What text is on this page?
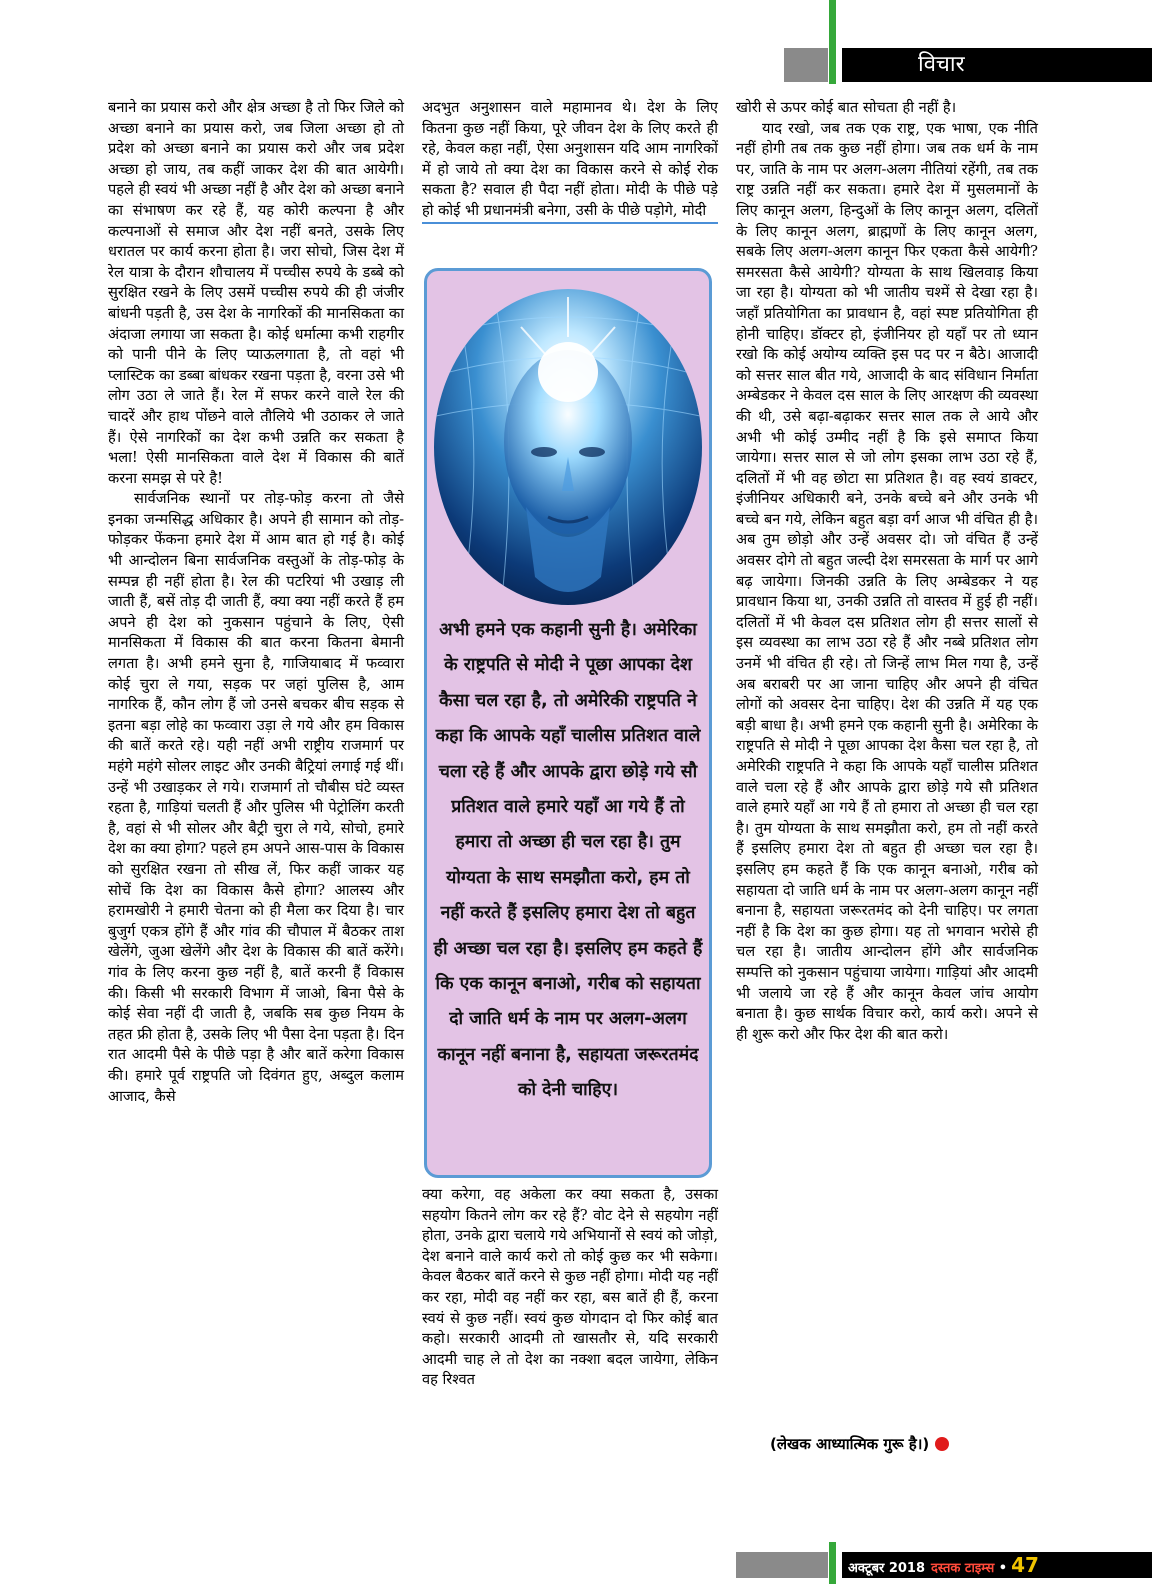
विचार

बनाने का प्रयास करो और क्षेत्र अच्छा है तो फिर जिले को अच्छा बनाने का प्रयास करो, जब जिला अच्छा हो तो प्रदेश को अच्छा बनाने का प्रयास करो और जब प्रदेश अच्छा हो जाय, तब कहीं जाकर देश की बात आयेगी। पहले ही स्वयं भी अच्छा नहीं है और देश को अच्छा बनाने का संभाषण कर रहे हैं, यह कोरी कल्पना है और कल्पनाओं से समाज और देश नहीं बनते, उसके लिए धरातल पर कार्य करना होता है। जरा सोचो, जिस देश में रेल यात्रा के दौरान शौचालय में पच्चीस रुपये के डब्बे को सुरक्षित रखने के लिए उसमें पच्चीस रुपये की ही जंजीर बांधनी पड़ती है, उस देश के नागरिकों की मानसिकता का अंदाजा लगाया जा सकता है। कोई धर्मात्मा कभी राहगीर को पानी पीने के लिए प्याऊलगाता है, तो वहां भी प्लास्टिक का डब्बा बांधकर रखना पड़ता है, वरना उसे भी लोग उठा ले जाते हैं। रेल में सफर करने वाले रेल की चादरें और हाथ पोंछने वाले तौलिये भी उठाकर ले जाते हैं। ऐसे नागरिकों का देश कभी उन्नति कर सकता है भला! ऐसी मानसिकता वाले देश में विकास की बातें करना समझ से परे है!

सार्वजनिक स्थानों पर तोड़-फोड़ करना तो जैसे इनका जन्मसिद्ध अधिकार है। अपने ही सामान को तोड़-फोड़कर फेंकना हमारे देश में आम बात हो गई है। कोई भी आन्दोलन बिना सार्वजनिक वस्तुओं के तोड़-फोड़ के सम्पन्न ही नहीं होता है। रेल की पटरियां भी उखाड़ ली जाती हैं, बसें तोड़ दी जाती हैं, क्या क्या नहीं करते हैं हम अपने ही देश को नुकसान पहुंचाने के लिए, ऐसी मानसिकता में विकास की बात करना कितना बेमानी लगता है। अभी हमने सुना है, गाजियाबाद में फव्वारा कोई चुरा ले गया, सड़क पर जहां पुलिस है, आम नागरिक हैं, कौन लोग हैं जो उनसे बचकर बीच सड़क से इतना बड़ा लोहे का फव्वारा उड़ा ले गये और हम विकास की बातें करते रहे। यही नहीं अभी राष्ट्रीय राजमार्ग पर महंगे महंगे सोलर लाइट और उनकी बैट्रियां लगाई गई थीं। उन्हें भी उखाड़कर ले गये। राजमार्ग तो चौबीस घंटे व्यस्त रहता है, गाड़ियां चलती हैं और पुलिस भी पेट्रोलिंग करती है, वहां से भी सोलर और बैट्री चुरा ले गये, सोचो, हमारे देश का क्या होगा? पहले हम अपने आस-पास के विकास को सुरक्षित रखना तो सीख लें, फिर कहीं जाकर यह सोचें कि देश का विकास कैसे होगा? आलस्य और हरामखोरी ने हमारी चेतना को ही मैला कर दिया है। चार बुजुर्ग एकत्र होंगे हैं और गांव की चौपाल में बैठकर ताश खेलेंगे, जुआ खेलेंगे और देश के विकास की बातें करेंगे। गांव के लिए करना कुछ नहीं है, बातें करनी हैं विकास की। किसी भी सरकारी विभाग में जाओ, बिना पैसे के कोई सेवा नहीं दी जाती है, जबकि सब कुछ नियम के तहत फ्री होता है, उसके लिए भी पैसा देना पड़ता है। दिन रात आदमी पैसे के पीछे पड़ा है और बातें करेगा विकास की। हमारे पूर्व राष्ट्रपति जो दिवंगत हुए, अब्दुल कलाम आजाद, कैसे

अदभुत अनुशासन वाले महामानव थे। देश के लिए कितना कुछ नहीं किया, पूरे जीवन देश के लिए करते ही रहे, केवल कहा नहीं, ऐसा अनुशासन यदि आम नागरिकों में हो जाये तो क्या देश का विकास करने से कोई रोक सकता है? सवाल ही पैदा नहीं होता। मोदी के पीछे पड़े हो कोई भी प्रधानमंत्री बनेगा, उसी के पीछे पड़ोगे, मोदी

अभी हमने एक कहानी सुनी है। अमेरिका के राष्ट्रपति से मोदी ने पूछा आपका देश कैसा चल रहा है, तो अमेरिकी राष्ट्रपति ने कहा कि आपके यहाँ चालीस प्रतिशत वाले चला रहे हैं और आपके द्वारा छोड़े गये सौ प्रतिशत वाले हमारे यहाँ आ गये हैं तो हमारा तो अच्छा ही चल रहा है। तुम योग्यता के साथ समझौता करो, हम तो नहीं करते हैं इसलिए हमारा देश तो बहुत ही अच्छा चल रहा है। इसलिए हम कहते हैं कि एक कानून बनाओ, गरीब को सहायता दो जाति धर्म के नाम पर अलग-अलग कानून नहीं बनाना है, सहायता जरूरतमंद को देनी चाहिए।

क्या करेगा, वह अकेला कर क्या सकता है, उसका सहयोग कितने लोग कर रहे हैं? वोट देने से सहयोग नहीं होता, उनके द्वारा चलाये गये अभियानों से स्वयं को जोड़ो, देश बनाने वाले कार्य करो तो कोई कुछ कर भी सकेगा। केवल बैठकर बातें करने से कुछ नहीं होगा। मोदी यह नहीं कर रहा, मोदी वह नहीं कर रहा, बस बातें ही हैं, करना स्वयं से कुछ नहीं। स्वयं कुछ योगदान दो फिर कोई बात कहो। सरकारी आदमी तो खासतौर से, यदि सरकारी आदमी चाह ले तो देश का नक्शा बदल जायेगा, लेकिन वह रिश्वत

खोरी से ऊपर कोई बात सोचता ही नहीं है।

याद रखो, जब तक एक राष्ट्र, एक भाषा, एक नीति नहीं होगी तब तक कुछ नहीं होगा। जब तक धर्म के नाम पर, जाति के नाम पर अलग-अलग नीतियां रहेंगी, तब तक राष्ट्र उन्नति नहीं कर सकता। हमारे देश में मुसलमानों के लिए कानून अलग, हिन्दुओं के लिए कानून अलग, दलितों के लिए कानून अलग, ब्राह्मणों के लिए कानून अलग, सबके लिए अलग-अलग कानून फिर एकता कैसे आयेगी? समरसता कैसे आयेगी? योग्यता के साथ खिलवाड़ किया जा रहा है। योग्यता को भी जातीय चश्में से देखा रहा है। जहाँ प्रतियोगिता का प्रावधान है, वहां स्पष्ट प्रतियोगिता ही होनी चाहिए। डॉक्टर हो, इंजीनियर हो यहाँ पर तो ध्यान रखो कि कोई अयोग्य व्यक्ति इस पद पर न बैठे। आजादी को सत्तर साल बीत गये, आजादी के बाद संविधान निर्माता अम्बेडकर ने केवल दस साल के लिए आरक्षण की व्यवस्था की थी, उसे बढ़ा-बढ़ाकर सत्तर साल तक ले आये और अभी भी कोई उम्मीद नहीं है कि इसे समाप्त किया जायेगा। सत्तर साल से जो लोग इसका लाभ उठा रहे हैं, दलितों में भी वह छोटा सा प्रतिशत है। वह स्वयं डाक्टर, इंजीनियर अधिकारी बने, उनके बच्चे बने और उनके भी बच्चे बन गये, लेकिन बहुत बड़ा वर्ग आज भी वंचित ही है। अब तुम छोड़ो और उन्हें अवसर दो। जो वंचित हैं उन्हें अवसर दोगे तो बहुत जल्दी देश समरसता के मार्ग पर आगे बढ़ जायेगा। जिनकी उन्नति के लिए अम्बेडकर ने यह प्रावधान किया था, उनकी उन्नति तो वास्तव में हुई ही नहीं। दलितों में भी केवल दस प्रतिशत लोग ही सत्तर सालों से इस व्यवस्था का लाभ उठा रहे हैं और नब्बे प्रतिशत लोग उनमें भी वंचित ही रहे। तो जिन्हें लाभ मिल गया है, उन्हें अब बराबरी पर आ जाना चाहिए और अपने ही वंचित लोगों को अवसर देना चाहिए। देश की उन्नति में यह एक बड़ी बाधा है। अभी हमने एक कहानी सुनी है। अमेरिका के राष्ट्रपति से मोदी ने पूछा आपका देश कैसा चल रहा है, तो अमेरिकी राष्ट्रपति ने कहा कि आपके यहाँ चालीस प्रतिशत वाले चला रहे हैं और आपके द्वारा छोड़े गये सौ प्रतिशत वाले हमारे यहाँ आ गये हैं तो हमारा तो अच्छा ही चल रहा है। तुम योग्यता के साथ समझौता करो, हम तो नहीं करते हैं इसलिए हमारा देश तो बहुत ही अच्छा चल रहा है। इसलिए हम कहते हैं कि एक कानून बनाओ, गरीब को सहायता दो जाति धर्म के नाम पर अलग-अलग कानून नहीं बनाना है, सहायता जरूरतमंद को देनी चाहिए। पर लगता नहीं है कि देश का कुछ होगा। यह तो भगवान भरोसे ही चल रहा है। जातीय आन्दोलन होंगे और सार्वजनिक सम्पत्ति को नुकसान पहुंचाया जायेगा। गाड़ियां और आदमी भी जलाये जा रहे हैं और कानून केवल जांच आयोग बनाता है। कुछ सार्थक विचार करो, कार्य करो। अपने से ही शुरू करो और फिर देश की बात करो।

(लेखक आध्यात्मिक गुरू है।)
अक्टूबर 2018 दस्तक टाइम्स • 47
